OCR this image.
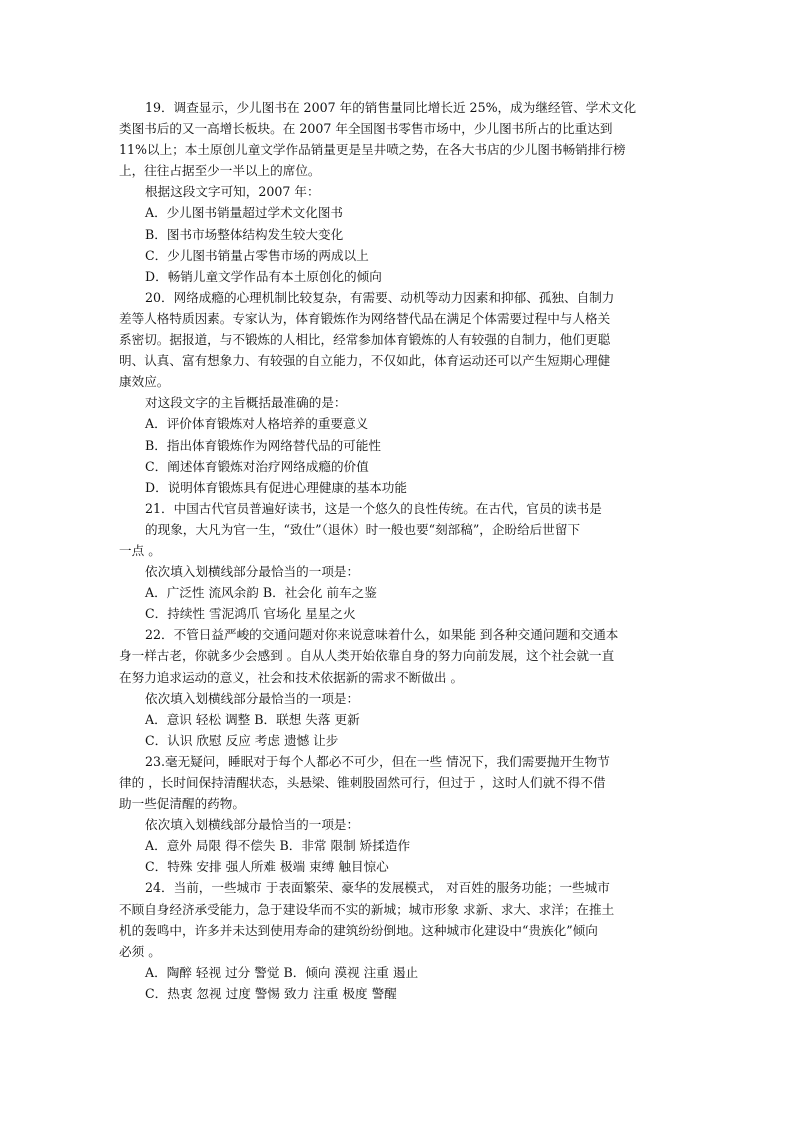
19．调查显示，少儿图书在 2007 年的销售量同比增长近 25%，成为继经管、学术文化
类图书后的又一高增长板块。在 2007 年全国图书零售市场中，少儿图书所占的比重达到
11%以上；本土原创儿童文学作品销量更是呈井喷之势，在各大书店的少儿图书畅销排行榜
上，往往占据至少一半以上的席位。
根据这段文字可知，2007 年：
A．少儿图书销量超过学术文化图书
B．图书市场整体结构发生较大变化
C．少儿图书销量占零售市场的两成以上
D．畅销儿童文学作品有本土原创化的倾向
20．网络成瘾的心理机制比较复杂，有需要、动机等动力因素和抑郁、孤独、自制力
差等人格特质因素。专家认为，体育锻炼作为网络替代品在满足个体需要过程中与人格关
系密切。据报道，与不锻炼的人相比，经常参加体育锻炼的人有较强的自制力，他们更聪
明、认真、富有想象力、有较强的自立能力，不仅如此，体育运动还可以产生短期心理健
康效应。
对这段文字的主旨概括最准确的是：
A．评价体育锻炼对人格培养的重要意义
B．指出体育锻炼作为网络替代品的可能性
C．阐述体育锻炼对治疗网络成瘾的价值
D．说明体育锻炼具有促进心理健康的基本功能
21．中国古代官员普遍好读书，这是一个悠久的良性传统。在古代，官员的读书是
的现象，大凡为官一生，“致仕”（退休）时一般也要“刻部稿”，企盼给后世留下
一点 。
依次填入划横线部分最恰当的一项是：
A．广泛性 流风余韵 B．社会化 前车之鉴
C．持续性 雪泥鸿爪 官场化 星星之火
22．不管日益严峻的交通问题对你来说意味着什么，如果能 到各种交通问题和交通本
身一样古老，你就多少会感到 。自从人类开始依靠自身的努力向前发展，这个社会就一直
在努力追求运动的意义，社会和技术依据新的需求不断做出 。
依次填入划横线部分最恰当的一项是：
A．意识 轻松 调整 B．联想 失落 更新
C．认识 欣慰 反应 考虑 遗憾 让步
23.毫无疑问，睡眠对于每个人都必不可少，但在一些 情况下，我们需要抛开生物节
律的 ，长时间保持清醒状态，头悬梁、锥刺股固然可行，但过于 ，这时人们就不得不借
助一些促清醒的药物。
依次填入划横线部分最恰当的一项是：
A．意外 局限 得不偿失 B．非常 限制 矫揉造作
C．特殊 安排 强人所难 极端 束缚 触目惊心
24．当前，一些城市 于表面繁荣、豪华的发展模式， 对百姓的服务功能；一些城市
不顾自身经济承受能力，急于建设华而不实的新城；城市形象 求新、求大、求洋；在推土
机的轰鸣中，许多并未达到使用寿命的建筑纷纷倒地。这种城市化建设中“贵族化”倾向
必须 。
A．陶醉 轻视 过分 警觉 B．倾向 漠视 注重 遏止
C．热衷 忽视 过度 警惕 致力 注重 极度 警醒
